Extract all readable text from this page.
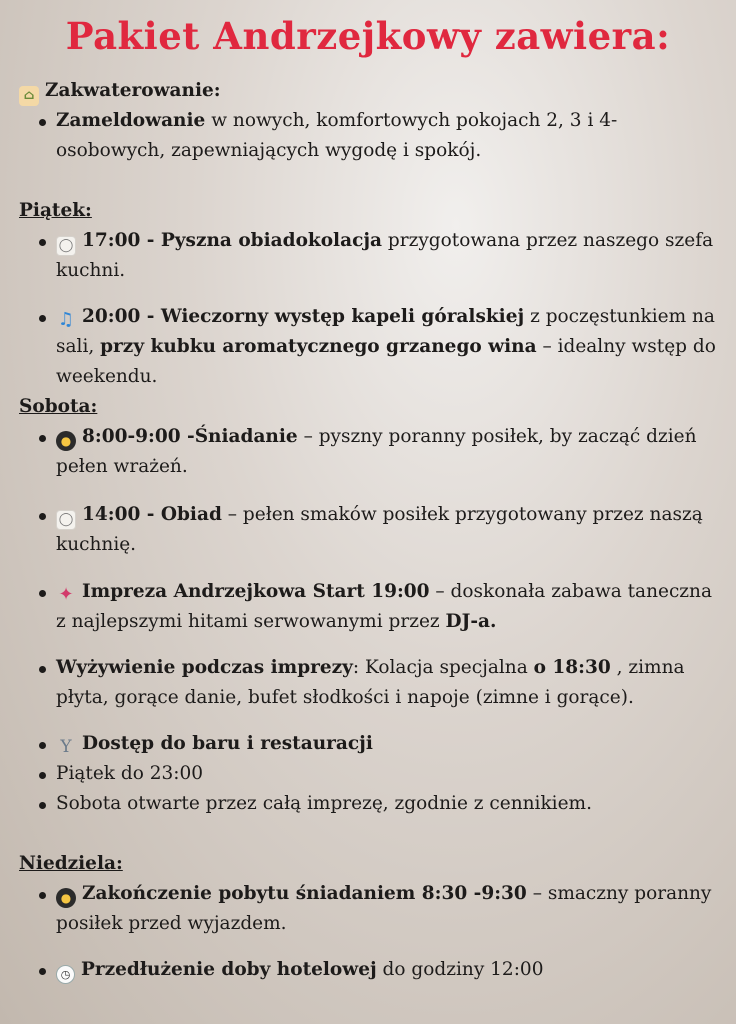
Pakiet Andrzejkowy zawiera:
⌂ Zakwaterowanie:
Zameldowanie w nowych, komfortowych pokojach 2, 3 i 4-osobowych, zapewniających wygodę i spokój.
Piątek:
◯ 17:00 - Pyszna obiadokolacja przygotowana przez naszego szefa kuchni.
♫ 20:00 - Wieczorny występ kapeli góralskiej z poczęstunkiem na sali, przy kubku aromatycznego grzanego wina – idealny wstęp do weekendu.
Sobota:
● 8:00-9:00 -Śniadanie – pyszny poranny posiłek, by zacząć dzień pełen wrażeń.
◯ 14:00 - Obiad – pełen smaków posiłek przygotowany przez naszą kuchnię.
✦ Impreza Andrzejkowa Start 19:00 – doskonała zabawa taneczna z najlepszymi hitami serwowanymi przez DJ-a.
Wyżywienie podczas imprezy: Kolacja specjalna o 18:30 , zimna płyta, gorące danie, bufet słodkości i napoje (zimne i gorące).
Y Dostęp do baru i restauracji
Piątek do 23:00
Sobota otwarte przez całą imprezę, zgodnie z cennikiem.
Niedziela:
● Zakończenie pobytu śniadaniem 8:30 -9:30 – smaczny poranny posiłek przed wyjazdem.
◷ Przedłużenie doby hotelowej do godziny 12:00
